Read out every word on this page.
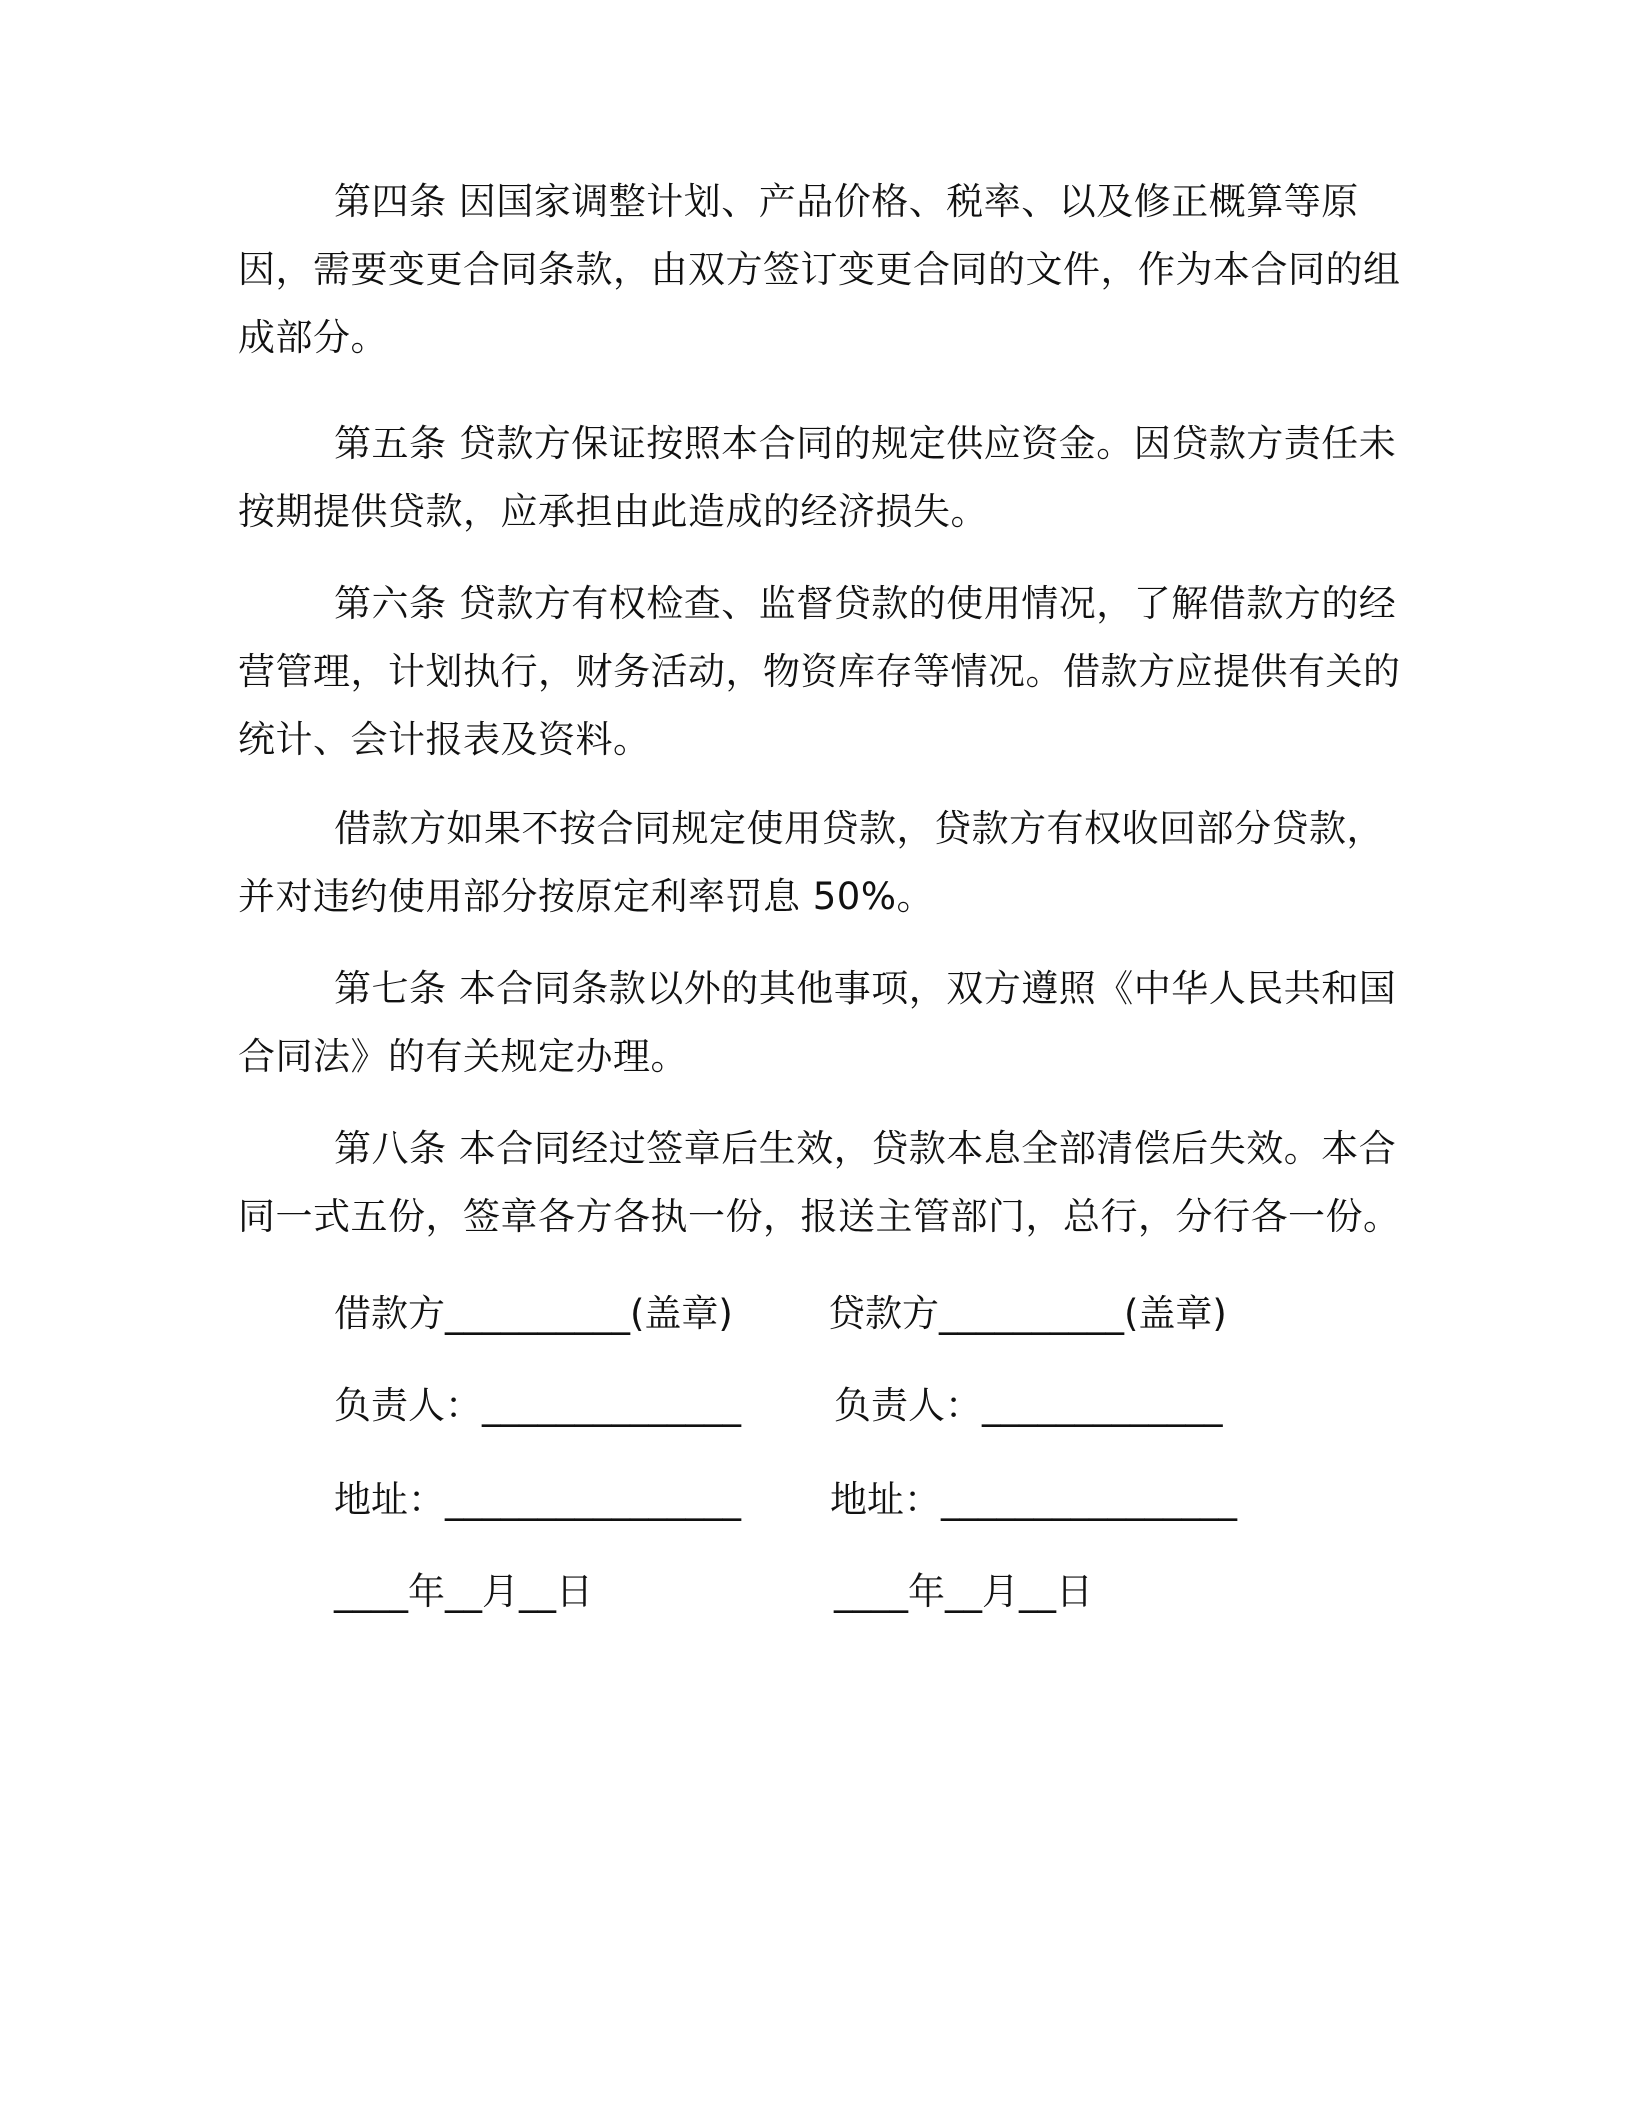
第四条 因国家调整计划、产品价格、税率、以及修正概算等原因，需要变更合同条款，由双方签订变更合同的文件，作为本合同的组成部分。

第五条 贷款方保证按照本合同的规定供应资金。因贷款方责任未按期提供贷款，应承担由此造成的经济损失。

第六条 贷款方有权检查、监督贷款的使用情况，了解借款方的经营管理，计划执行，财务活动，物资库存等情况。借款方应提供有关的统计、会计报表及资料。

借款方如果不按合同规定使用贷款，贷款方有权收回部分贷款，并对违约使用部分按原定利率罚息 50%。

第七条 本合同条款以外的其他事项，双方遵照《中华人民共和国合同法》的有关规定办理。

第八条 本合同经过签章后生效，贷款本息全部清偿后失效。本合同一式五份，签章各方各执一份，报送主管部门，总行，分行各一份。

借款方__________(盖章)	贷款方__________(盖章)
负责人：______________	负责人：_____________
地址：________________ 地址：________________
____年__月__日	____年__月__日
